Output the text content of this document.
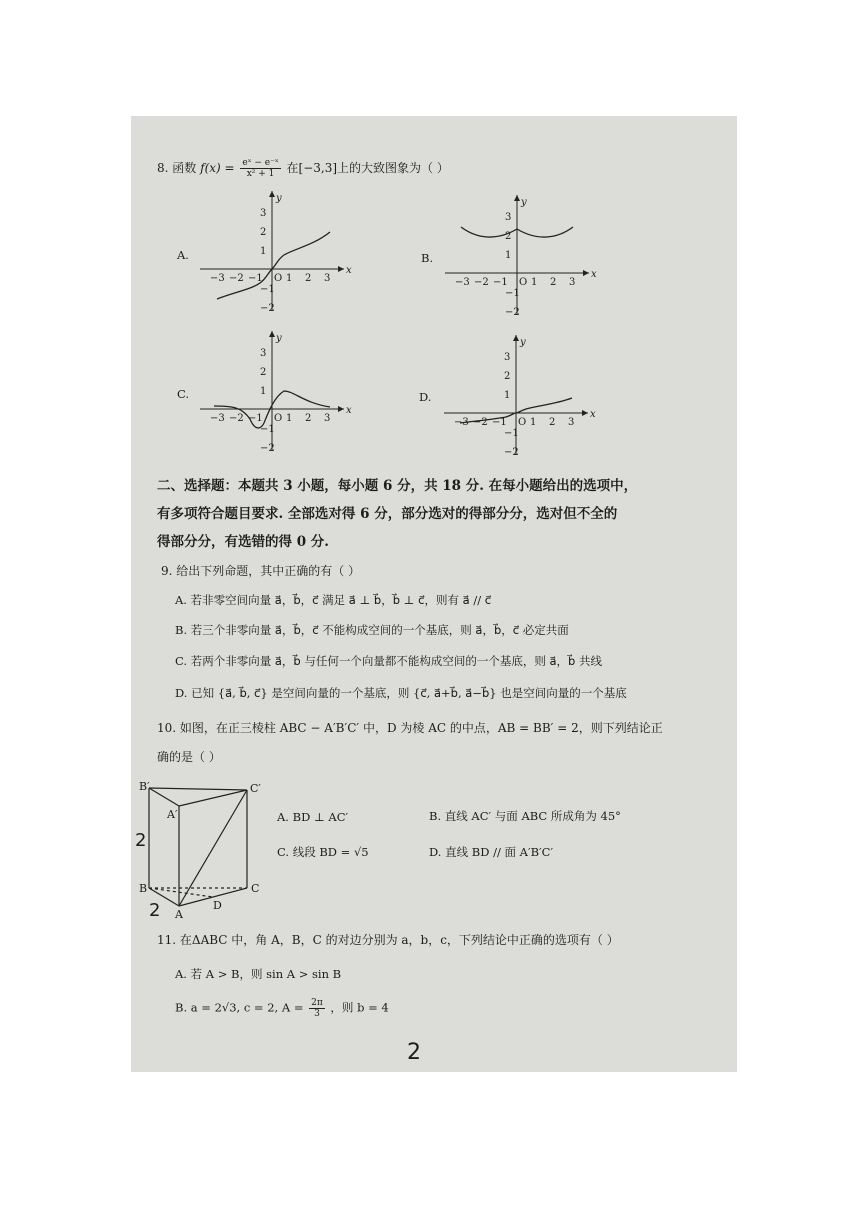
8. 函数 $f(x) = \frac{\text{eˣ − e⁻ˣ}}{\text{x² + 1}}$ 在[−3,3]上的大致图象为（ ）
A.	B.
C.	D.
x
y
−3 −2 −1 O 1 2 3
3
2
1
−1
−2
x
y
−3 −2 −1 O 1 2 3
3
2
1
−1
−2
x
y
−3 −2 −1 O 1 2 3
3
2
1
−1
−2
x
y
−3 −2 −1 O 1 2 3
3
2
1
−1
−2
二、选择题：本题共 3 小题，每小题 6 分，共 18 分. 在每小题给出的选项中，
有多项符合题目要求. 全部选对得 6 分，部分选对的得部分分，选对但不全的
得部分分，有选错的得 0 分.
9. 给出下列命题，其中正确的有（ ）
A. 若非零空间向量 a⃗，b⃗，c⃗ 满足 a⃗ ⊥ b⃗，b⃗ ⊥ c⃗，则有 a⃗ // c⃗
B. 若三个非零向量 a⃗，b⃗，c⃗ 不能构成空间的一个基底，则 a⃗，b⃗，c⃗ 必定共面
C. 若两个非零向量 a⃗，b⃗ 与任何一个向量都不能构成空间的一个基底，则 a⃗，b⃗ 共线
D. 已知 {a⃗, b⃗, c⃗} 是空间向量的一个基底，则 {c⃗, a⃗+b⃗, a⃗−b⃗} 也是空间向量的一个基底
10. 如图，在正三棱柱 ABC − A′B′C′ 中，D 为棱 AC 的中点，AB = BB′ = 2，则下列结论正
确的是（ ）
B′	C′
A′
B	C
A
D
2
2
A. BD ⊥ AC′	B. 直线 AC′ 与面 ABC 所成角为 45°
C. 线段 BD = √5	D. 直线 BD // 面 A′B′C′
11. 在ΔABC 中，角 A，B，C 的对边分别为 a，b，c，下列结论中正确的选项有（ ）
A. 若 A > B，则 sin A > sin B
B. a = 2√3, c = 2, $A = \frac{2\pi}{3}$ ，则 b = 4
2
